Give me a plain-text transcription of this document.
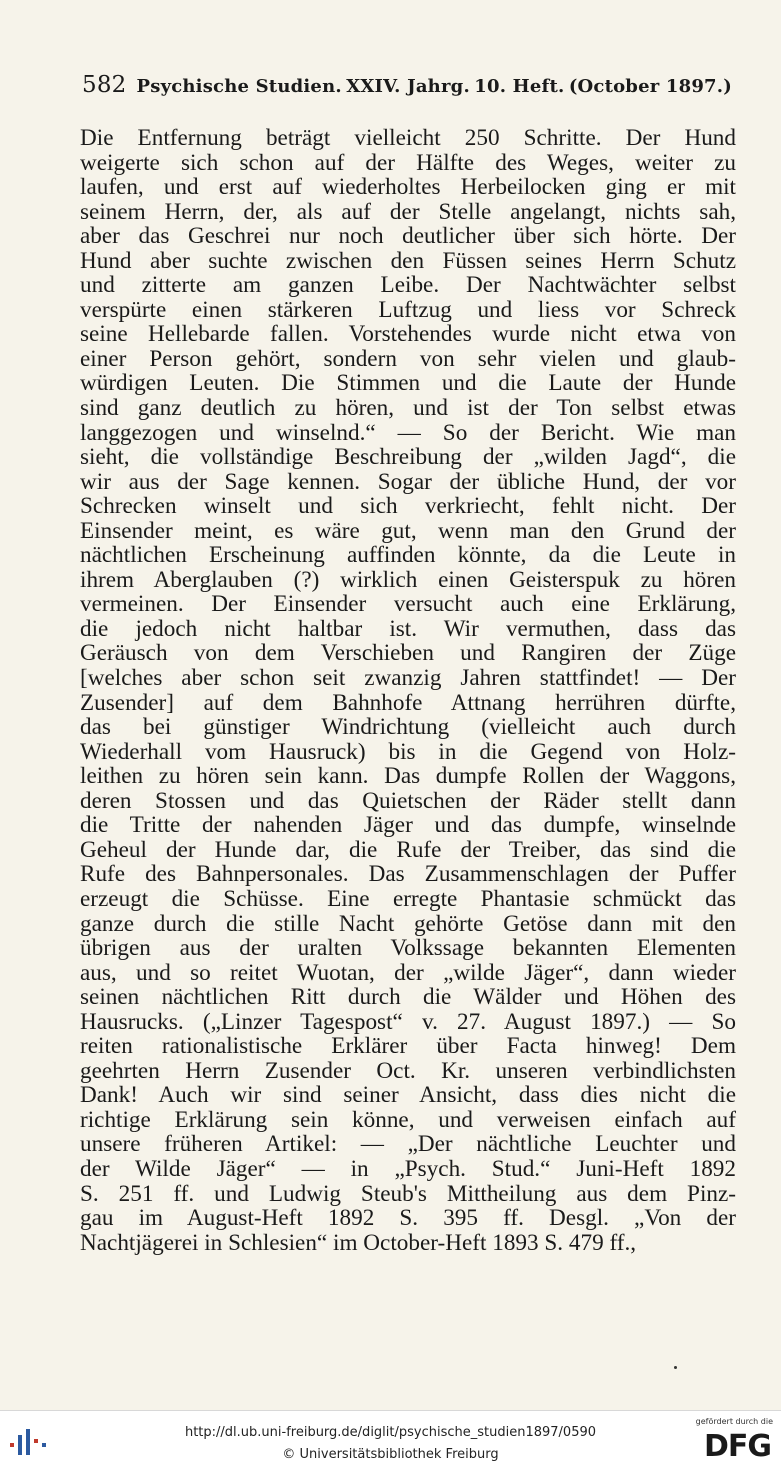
582 Psychische Studien. XXIV. Jahrg. 10. Heft. (October 1897.)
Die Entfernung beträgt vielleicht 250 Schritte. Der Hund
weigerte sich schon auf der Hälfte des Weges, weiter zu
laufen, und erst auf wiederholtes Herbeilocken ging er mit
seinem Herrn, der, als auf der Stelle angelangt, nichts sah,
aber das Geschrei nur noch deutlicher über sich hörte. Der
Hund aber suchte zwischen den Füssen seines Herrn Schutz
und zitterte am ganzen Leibe. Der Nachtwächter selbst
verspürte einen stärkeren Luftzug und liess vor Schreck
seine Hellebarde fallen. Vorstehendes wurde nicht etwa von
einer Person gehört, sondern von sehr vielen und glaub-
würdigen Leuten. Die Stimmen und die Laute der Hunde
sind ganz deutlich zu hören, und ist der Ton selbst etwas
langgezogen und winselnd.“ — So der Bericht. Wie man
sieht, die vollständige Beschreibung der „wilden Jagd“, die
wir aus der Sage kennen. Sogar der übliche Hund, der vor
Schrecken winselt und sich verkriecht, fehlt nicht. Der
Einsender meint, es wäre gut, wenn man den Grund der
nächtlichen Erscheinung auffinden könnte, da die Leute in
ihrem Aberglauben (?) wirklich einen Geisterspuk zu hören
vermeinen. Der Einsender versucht auch eine Erklärung,
die jedoch nicht haltbar ist. Wir vermuthen, dass das
Geräusch von dem Verschieben und Rangiren der Züge
[welches aber schon seit zwanzig Jahren stattfindet! — Der
Zusender] auf dem Bahnhofe Attnang herrühren dürfte,
das bei günstiger Windrichtung (vielleicht auch durch
Wiederhall vom Hausruck) bis in die Gegend von Holz-
leithen zu hören sein kann. Das dumpfe Rollen der Waggons,
deren Stossen und das Quietschen der Räder stellt dann
die Tritte der nahenden Jäger und das dumpfe, winselnde
Geheul der Hunde dar, die Rufe der Treiber, das sind die
Rufe des Bahnpersonales. Das Zusammenschlagen der Puffer
erzeugt die Schüsse. Eine erregte Phantasie schmückt das
ganze durch die stille Nacht gehörte Getöse dann mit den
übrigen aus der uralten Volkssage bekannten Elementen
aus, und so reitet Wuotan, der „wilde Jäger“, dann wieder
seinen nächtlichen Ritt durch die Wälder und Höhen des
Hausrucks. („Linzer Tagespost“ v. 27. August 1897.) — So
reiten rationalistische Erklärer über Facta hinweg! Dem
geehrten Herrn Zusender Oct. Kr. unseren verbindlichsten
Dank! Auch wir sind seiner Ansicht, dass dies nicht die
richtige Erklärung sein könne, und verweisen einfach auf
unsere früheren Artikel: — „Der nächtliche Leuchter und
der Wilde Jäger“ — in „Psych. Stud.“ Juni-Heft 1892
S. 251 ff. und Ludwig Steub's Mittheilung aus dem Pinz-
gau im August-Heft 1892 S. 395 ff. Desgl. „Von der
Nachtjägerei in Schlesien“ im October-Heft 1893 S. 479 ff.,
http://dl.ub.uni-freiburg.de/diglit/psychische_studien1897/0590
© Universitätsbibliothek Freiburg
gefördert durch die
DFG
